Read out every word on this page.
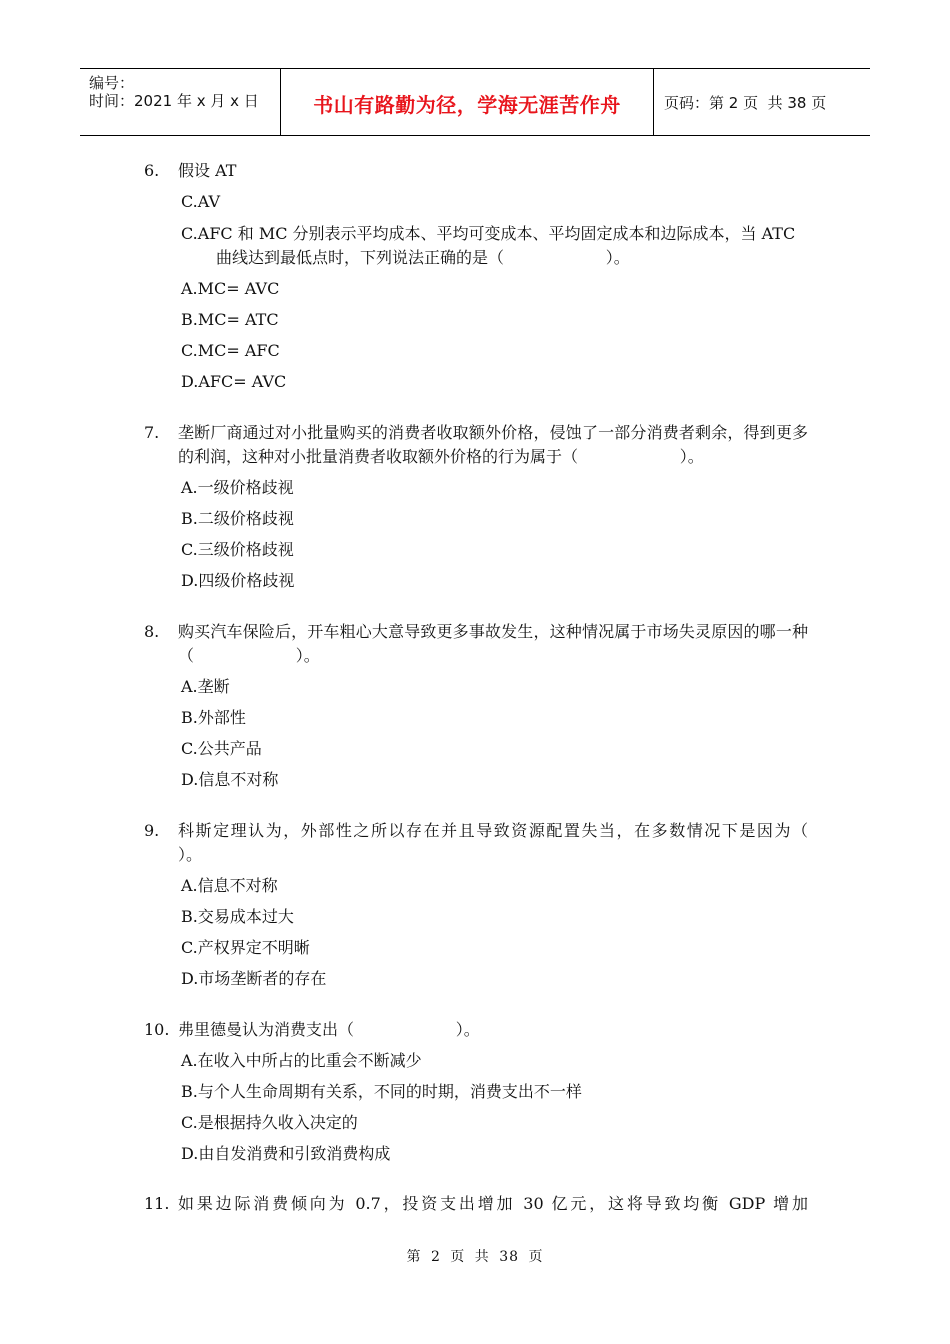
编号：
时间：2021 年 x 月 x 日	书山有路勤为径，学海无涯苦作舟	页码：第 2 页  共 38 页
6. 假设 AT
C.AV
C.AFC 和 MC 分别表示平均成本、平均可变成本、平均固定成本和边际成本，当 ATC
曲线达到最低点时，下列说法正确的是（                    ）。
A.MC= AVC
B.MC= ATC
C.MC= AFC
D.AFC= AVC
7. 垄断厂商通过对小批量购买的消费者收取额外价格，侵蚀了一部分消费者剩余，得到更多的利润，这种对小批量消费者收取额外价格的行为属于（                    ）。
A.一级价格歧视
B.二级价格歧视
C.三级价格歧视
D.四级价格歧视
8. 购买汽车保险后，开车粗心大意导致更多事故发生，这种情况属于市场失灵原因的哪一种（                    ）。
A.垄断
B.外部性
C.公共产品
D.信息不对称
9. 科斯定理认为，外部性之所以存在并且导致资源配置失当，在多数情况下是因为（                    ）。
A.信息不对称
B.交易成本过大
C.产权界定不明晰
D.市场垄断者的存在
10. 弗里德曼认为消费支出（                    ）。
A.在收入中所占的比重会不断减少
B.与个人生命周期有关系，不同的时期，消费支出不一样
C.是根据持久收入决定的
D.由自发消费和引致消费构成
11. 如果边际消费倾向为 0.7，投资支出增加 30 亿元，这将导致均衡 GDP 增加
第 2 页 共 38 页
